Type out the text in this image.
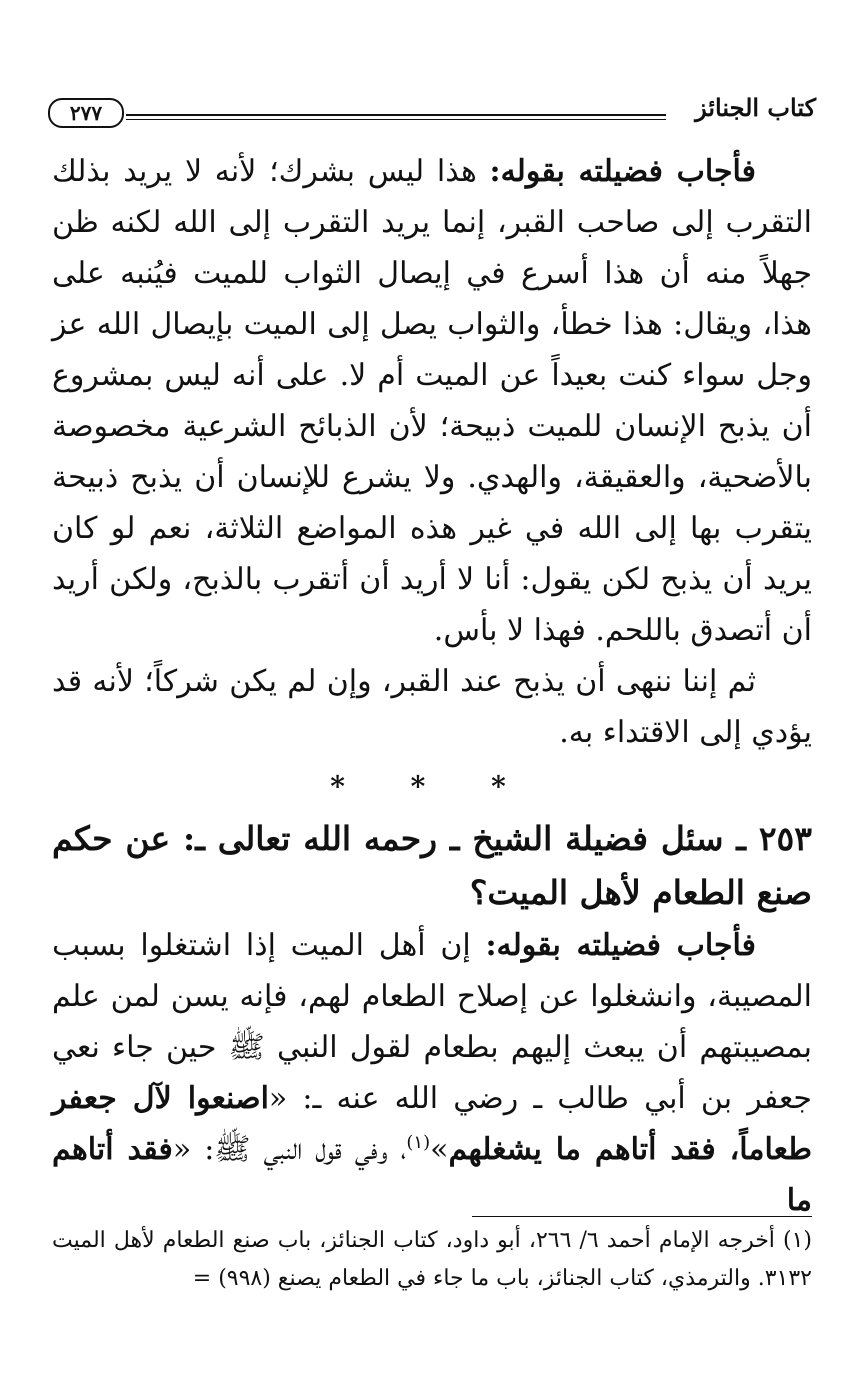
كتاب الجنائز
٢٧٧

فأجاب فضيلته بقوله: هذا ليس بشرك؛ لأنه لا يريد بذلك التقرب إلى صاحب القبر، إنما يريد التقرب إلى الله لكنه ظن جهلاً منه أن هذا أسرع في إيصال الثواب للميت فيُنبه على هذا، ويقال: هذا خطأ، والثواب يصل إلى الميت بإيصال الله عز وجل سواء كنت بعيداً عن الميت أم لا. على أنه ليس بمشروع أن يذبح الإنسان للميت ذبيحة؛ لأن الذبائح الشرعية مخصوصة بالأضحية، والعقيقة، والهدي. ولا يشرع للإنسان أن يذبح ذبيحة يتقرب بها إلى الله في غير هذه المواضع الثلاثة، نعم لو كان يريد أن يذبح لكن يقول: أنا لا أريد أن أتقرب بالذبح، ولكن أريد أن أتصدق باللحم. فهذا لا بأس.

ثم إننا ننهى أن يذبح عند القبر، وإن لم يكن شركاً؛ لأنه قد يؤدي إلى الاقتداء به.

* * *

٢٥٣ ـ سئل فضيلة الشيخ ـ رحمه الله تعالى ـ: عن حكم صنع الطعام لأهل الميت؟

فأجاب فضيلته بقوله: إن أهل الميت إذا اشتغلوا بسبب المصيبة، وانشغلوا عن إصلاح الطعام لهم، فإنه يسن لمن علم بمصيبتهم أن يبعث إليهم بطعام لقول النبي ﷺ حين جاء نعي جعفر بن أبي طالب ـ رضي الله عنه ـ: «اصنعوا لآل جعفر طعاماً، فقد أتاهم ما يشغلهم»$^{(١)}$، وفي قول النبي ﷺ: «فقد أتاهم ما

(١) أخرجه الإمام أحمد ٦/ ٢٦٦، أبو داود، كتاب الجنائز، باب صنع الطعام لأهل الميت ٣١٣٢. والترمذي، كتاب الجنائز، باب ما جاء في الطعام يصنع (٩٩٨) =
